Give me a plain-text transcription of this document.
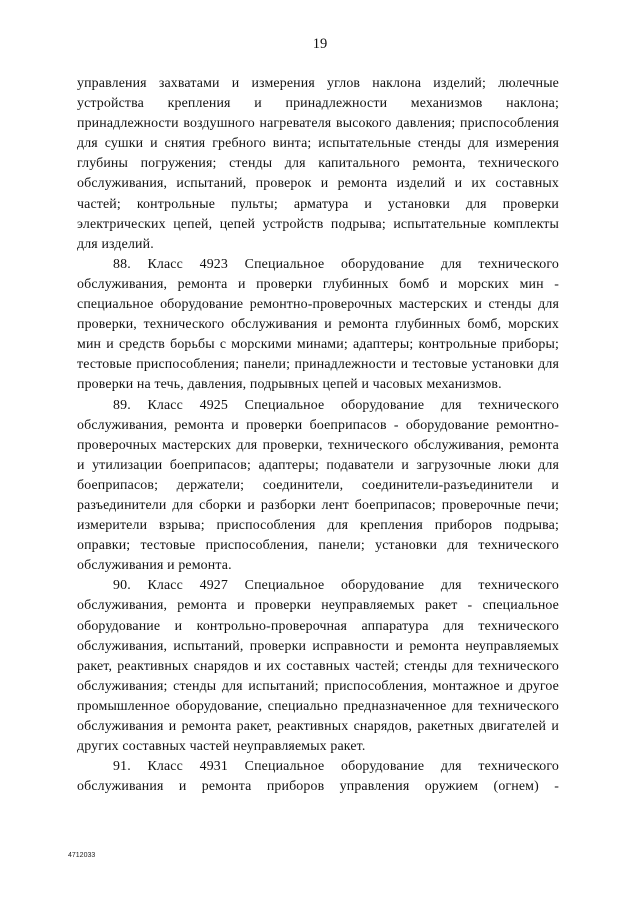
19

управления захватами и измерения углов наклона изделий; люлечные устройства крепления и принадлежности механизмов наклона; принадлежности воздушного нагревателя высокого давления; приспособления для сушки и снятия гребного винта; испытательные стенды для измерения глубины погружения; стенды для капитального ремонта, технического обслуживания, испытаний, проверок и ремонта изделий и их составных частей; контрольные пульты; арматура и установки для проверки электрических цепей, цепей устройств подрыва; испытательные комплекты для изделий.

88. Класс 4923 Специальное оборудование для технического обслуживания, ремонта и проверки глубинных бомб и морских мин - специальное оборудование ремонтно-проверочных мастерских и стенды для проверки, технического обслуживания и ремонта глубинных бомб, морских мин и средств борьбы с морскими минами; адаптеры; контрольные приборы; тестовые приспособления; панели; принадлежности и тестовые установки для проверки на течь, давления, подрывных цепей и часовых механизмов.

89. Класс 4925 Специальное оборудование для технического обслуживания, ремонта и проверки боеприпасов - оборудование ремонтно-проверочных мастерских для проверки, технического обслуживания, ремонта и утилизации боеприпасов; адаптеры; подаватели и загрузочные люки для боеприпасов; держатели; соединители, соединители-разъединители и разъединители для сборки и разборки лент боеприпасов; проверочные печи; измерители взрыва; приспособления для крепления приборов подрыва; оправки; тестовые приспособления, панели; установки для технического обслуживания и ремонта.

90. Класс 4927 Специальное оборудование для технического обслуживания, ремонта и проверки неуправляемых ракет - специальное оборудование и контрольно-проверочная аппаратура для технического обслуживания, испытаний, проверки исправности и ремонта неуправляемых ракет, реактивных снарядов и их составных частей; стенды для технического обслуживания; стенды для испытаний; приспособления, монтажное и другое промышленное оборудование, специально предназначенное для технического обслуживания и ремонта ракет, реактивных снарядов, ракетных двигателей и других составных частей неуправляемых ракет.

91. Класс 4931 Специальное оборудование для технического обслуживания и ремонта приборов управления оружием (огнем) -

4712033
